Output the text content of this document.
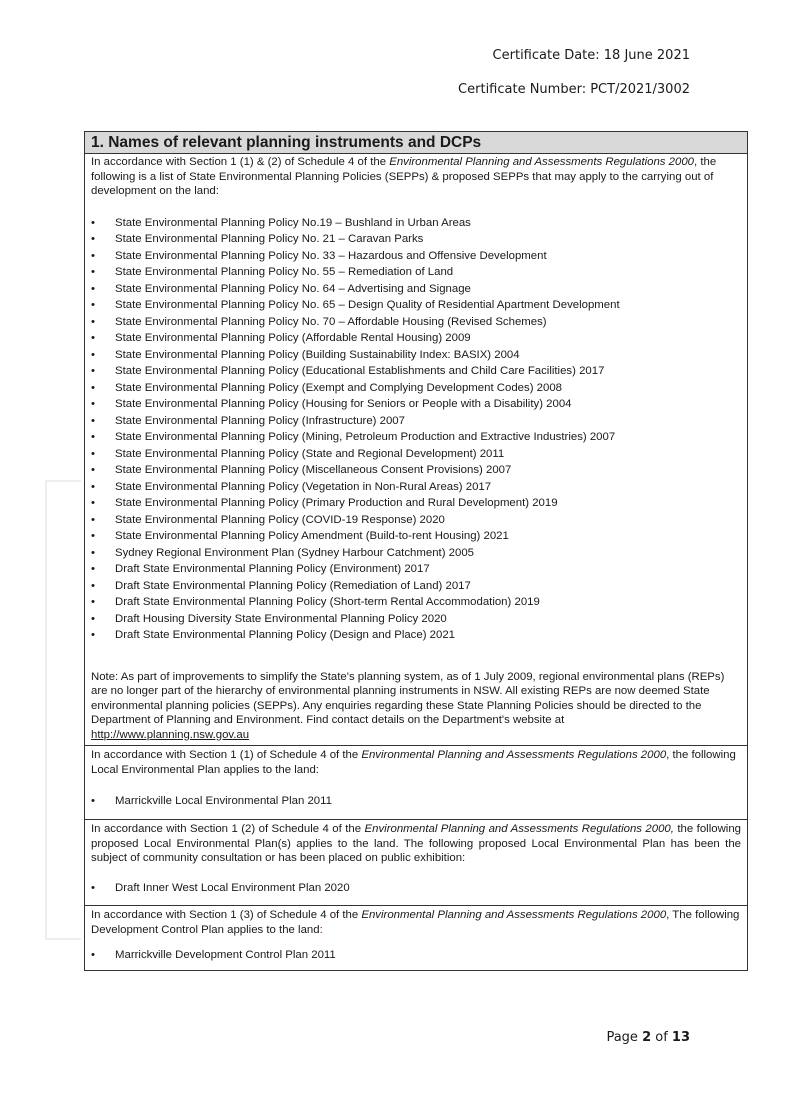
Certificate Date: 18 June 2021
Certificate Number: PCT/2021/3002
1. Names of relevant planning instruments and DCPs

In accordance with Section 1 (1) & (2) of Schedule 4 of the Environmental Planning and Assessments Regulations 2000, the following is a list of State Environmental Planning Policies (SEPPs) & proposed SEPPs that may apply to the carrying out of development on the land:

• State Environmental Planning Policy No.19 – Bushland in Urban Areas
• State Environmental Planning Policy No. 21 – Caravan Parks
• State Environmental Planning Policy No. 33 – Hazardous and Offensive Development
• State Environmental Planning Policy No. 55 – Remediation of Land
• State Environmental Planning Policy No. 64 – Advertising and Signage
• State Environmental Planning Policy No. 65 – Design Quality of Residential Apartment Development
• State Environmental Planning Policy No. 70 – Affordable Housing (Revised Schemes)
• State Environmental Planning Policy (Affordable Rental Housing) 2009
• State Environmental Planning Policy (Building Sustainability Index: BASIX) 2004
• State Environmental Planning Policy (Educational Establishments and Child Care Facilities) 2017
• State Environmental Planning Policy (Exempt and Complying Development Codes) 2008
• State Environmental Planning Policy (Housing for Seniors or People with a Disability) 2004
• State Environmental Planning Policy (Infrastructure) 2007
• State Environmental Planning Policy (Mining, Petroleum Production and Extractive Industries) 2007
• State Environmental Planning Policy (State and Regional Development) 2011
• State Environmental Planning Policy (Miscellaneous Consent Provisions) 2007
• State Environmental Planning Policy (Vegetation in Non-Rural Areas) 2017
• State Environmental Planning Policy (Primary Production and Rural Development) 2019
• State Environmental Planning Policy (COVID-19 Response) 2020
• State Environmental Planning Policy Amendment (Build-to-rent Housing) 2021
• Sydney Regional Environment Plan (Sydney Harbour Catchment) 2005
• Draft State Environmental Planning Policy (Environment) 2017
• Draft State Environmental Planning Policy (Remediation of Land) 2017
• Draft State Environmental Planning Policy (Short-term Rental Accommodation) 2019
• Draft Housing Diversity State Environmental Planning Policy 2020
• Draft State Environmental Planning Policy (Design and Place) 2021

Note: As part of improvements to simplify the State's planning system, as of 1 July 2009, regional environmental plans (REPs) are no longer part of the hierarchy of environmental planning instruments in NSW. All existing REPs are now deemed State environmental planning policies (SEPPs). Any enquiries regarding these State Planning Policies should be directed to the Department of Planning and Environment. Find contact details on the Department's website at
http://www.planning.nsw.gov.au

In accordance with Section 1 (1) of Schedule 4 of the Environmental Planning and Assessments Regulations 2000, the following Local Environmental Plan applies to the land:

• Marrickville Local Environmental Plan 2011

In accordance with Section 1 (2) of Schedule 4 of the Environmental Planning and Assessments Regulations 2000, the following proposed Local Environmental Plan(s) applies to the land. The following proposed Local Environmental Plan has been the subject of community consultation or has been placed on public exhibition:

• Draft Inner West Local Environment Plan 2020

In accordance with Section 1 (3) of Schedule 4 of the Environmental Planning and Assessments Regulations 2000, The following Development Control Plan applies to the land:

• Marrickville Development Control Plan 2011
Page 2 of 13
